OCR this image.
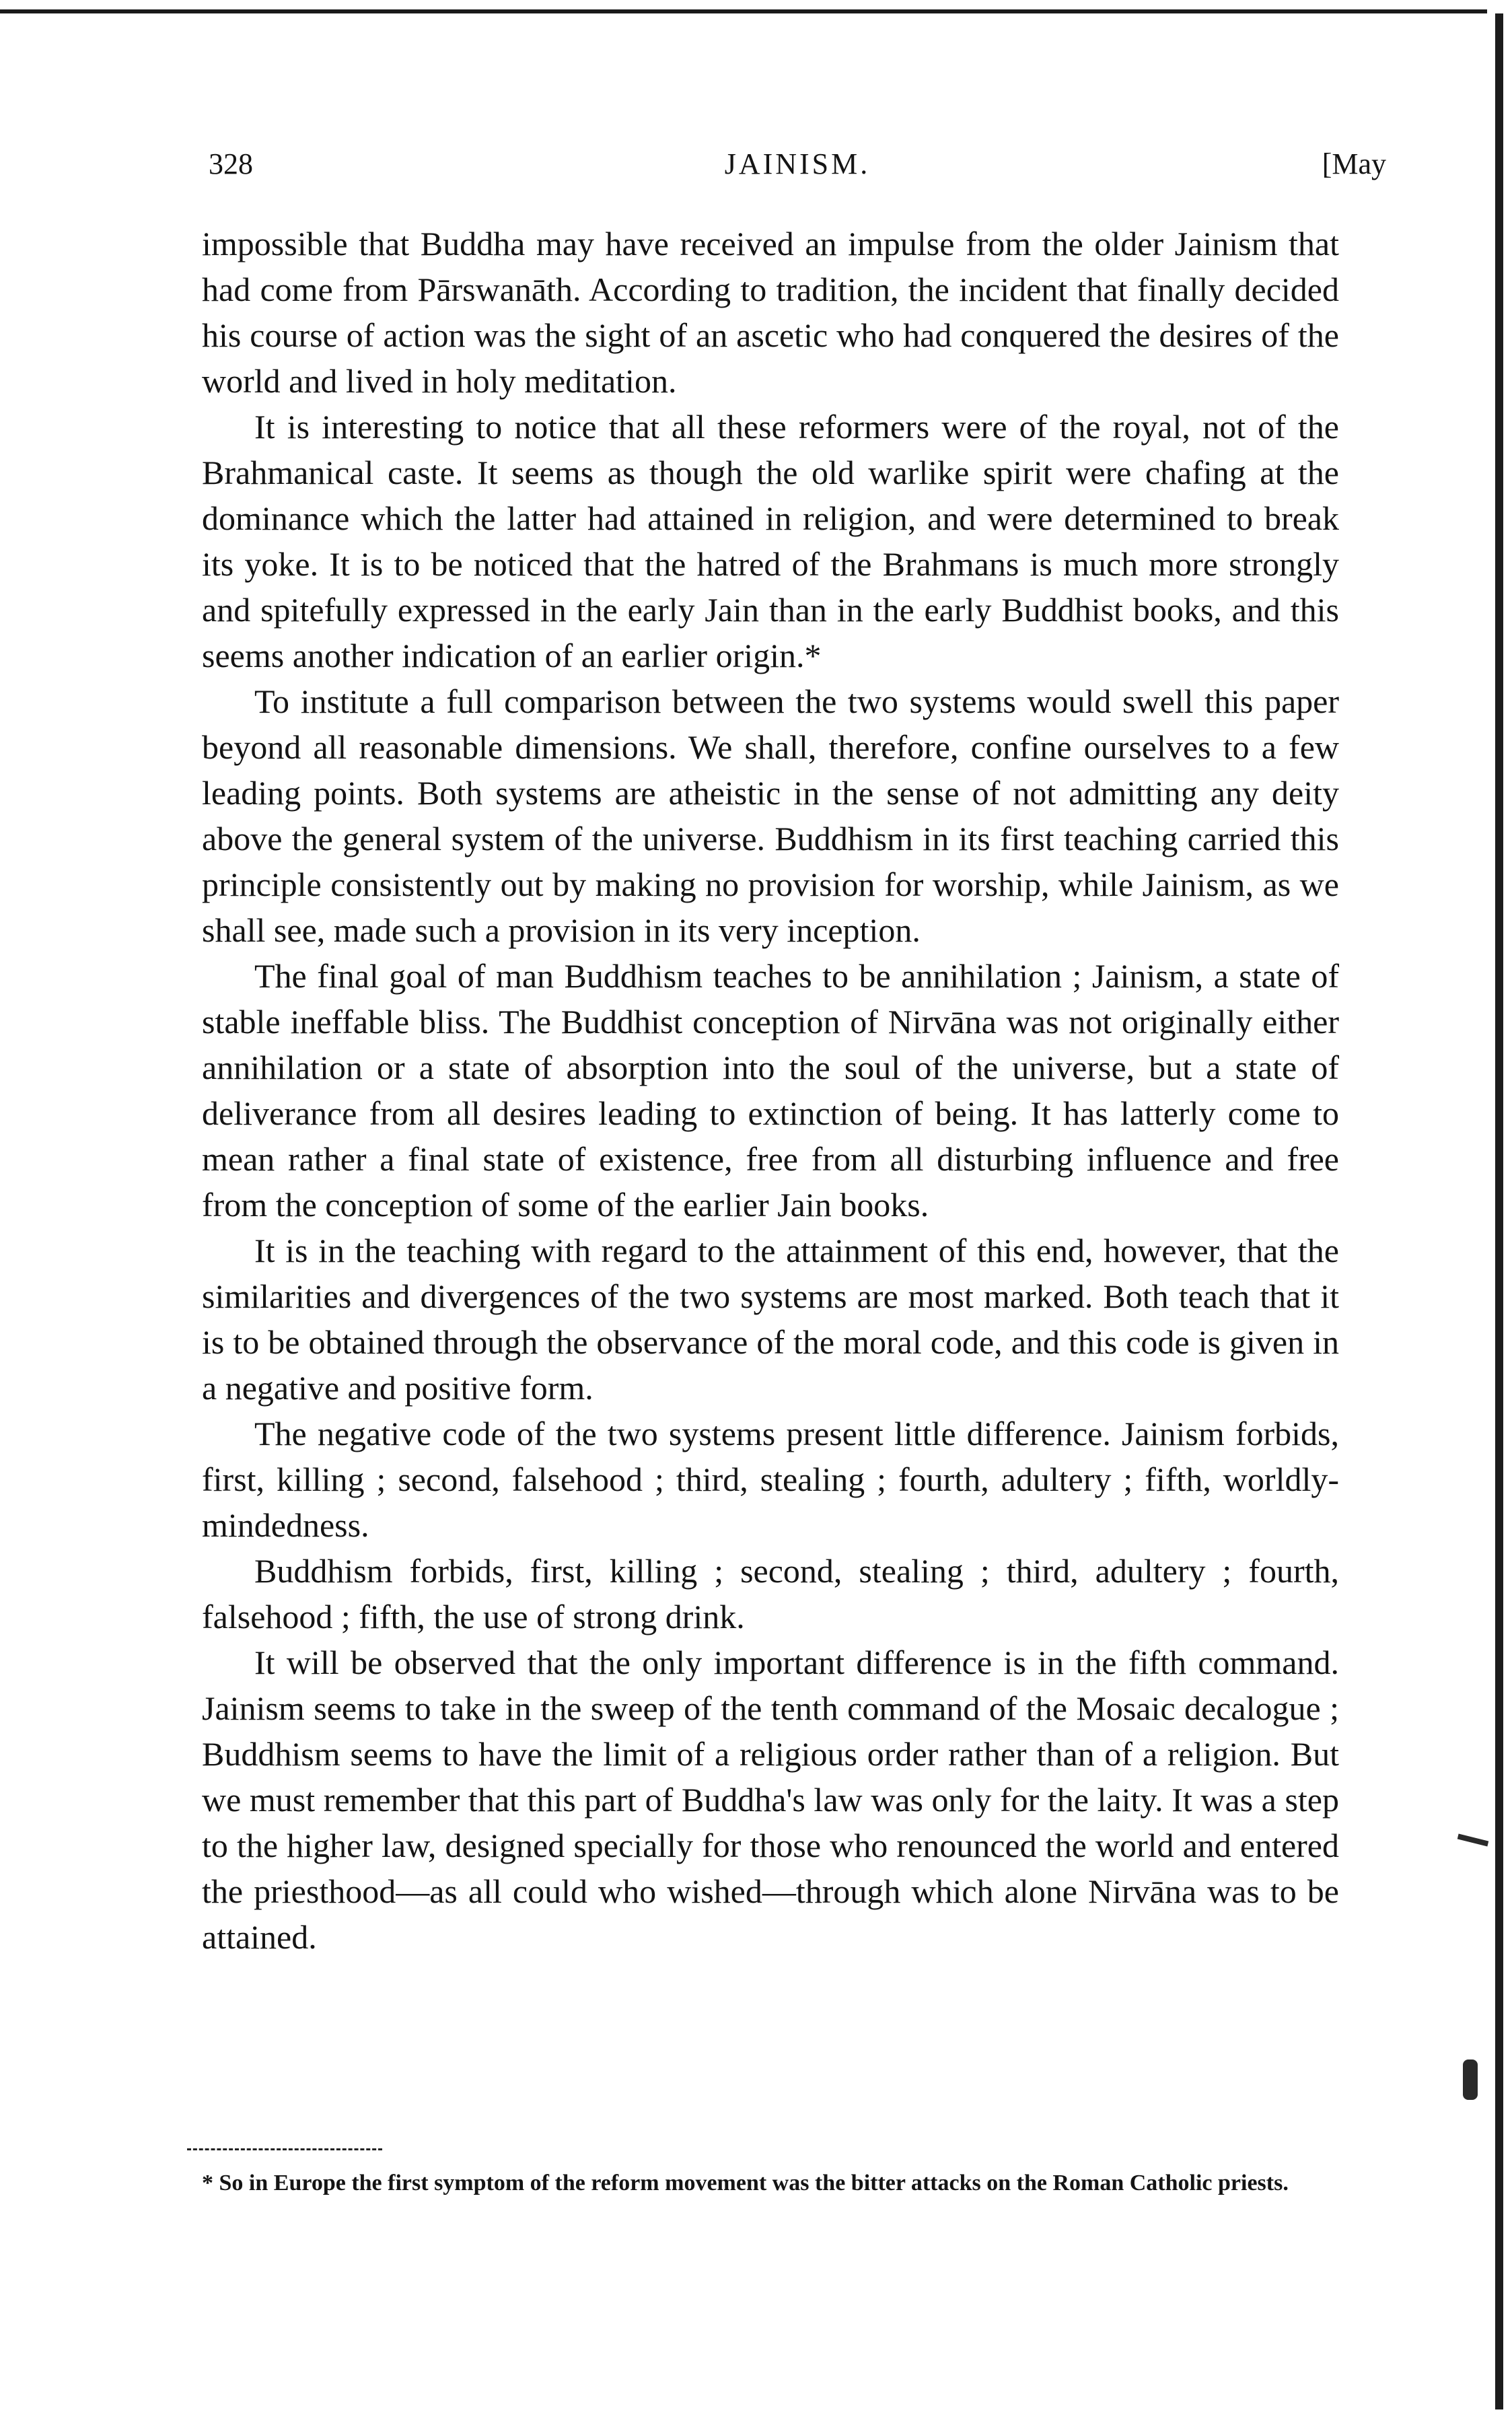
328	JAINISM.	[May

impossible that Buddha may have received an impulse from the older Jainism that had come from Pārswanāth. According to tradition, the incident that finally decided his course of action was the sight of an ascetic who had conquered the desires of the world and lived in holy meditation.

It is interesting to notice that all these reformers were of the royal, not of the Brahmanical caste. It seems as though the old warlike spirit were chafing at the dominance which the latter had attained in religion, and were determined to break its yoke. It is to be noticed that the hatred of the Brahmans is much more strongly and spitefully expressed in the early Jain than in the early Buddhist books, and this seems another indication of an earlier origin.*

To institute a full comparison between the two systems would swell this paper beyond all reasonable dimensions. We shall, therefore, confine ourselves to a few leading points. Both systems are atheistic in the sense of not admitting any deity above the general system of the universe. Buddhism in its first teaching carried this principle consistently out by making no provision for worship, while Jainism, as we shall see, made such a provision in its very inception.

The final goal of man Buddhism teaches to be annihilation ; Jainism, a state of stable ineffable bliss. The Buddhist conception of Nirvāna was not originally either annihilation or a state of absorption into the soul of the universe, but a state of deliverance from all desires leading to extinction of being. It has latterly come to mean rather a final state of existence, free from all disturbing influence and free from the conception of some of the earlier Jain books.

It is in the teaching with regard to the attainment of this end, however, that the similarities and divergences of the two systems are most marked. Both teach that it is to be obtained through the observance of the moral code, and this code is given in a negative and positive form.

The negative code of the two systems present little difference. Jainism forbids, first, killing ; second, falsehood ; third, stealing ; fourth, adultery ; fifth, worldly-mindedness.

Buddhism forbids, first, killing ; second, stealing ; third, adultery ; fourth, falsehood ; fifth, the use of strong drink.

It will be observed that the only important difference is in the fifth command. Jainism seems to take in the sweep of the tenth command of the Mosaic decalogue ; Buddhism seems to have the limit of a religious order rather than of a religion. But we must remember that this part of Buddha's law was only for the laity. It was a step to the higher law, designed specially for those who renounced the world and entered the priesthood—as all could who wished—through which alone Nirvāna was to be attained.

* So in Europe the first symptom of the reform movement was the bitter attacks on the Roman Catholic priests.
